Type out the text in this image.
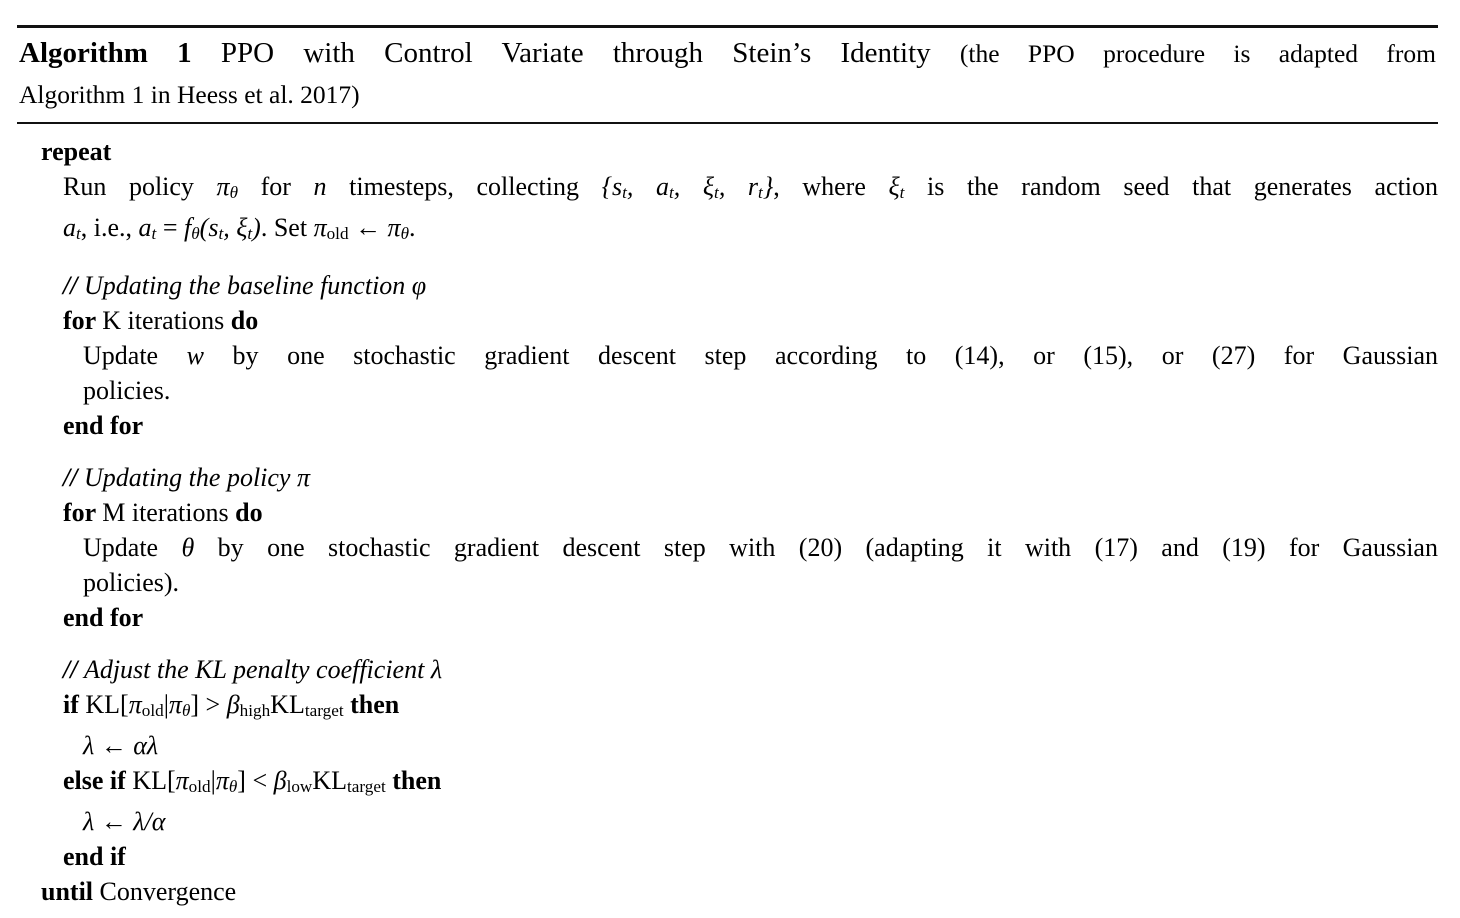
Algorithm 1 PPO with Control Variate through Stein’s Identity (the PPO procedure is adapted from
Algorithm 1 in Heess et al. 2017)
repeat
Run policy πθ for n timesteps, collecting {st, at, ξt, rt}, where ξt is the random seed that generates action
at, i.e., at = fθ(st, ξt). Set πold ← πθ.
// Updating the baseline function φ
for K iterations do
Update w by one stochastic gradient descent step according to (14), or (15), or (27) for Gaussian
policies.
end for
// Updating the policy π
for M iterations do
Update θ by one stochastic gradient descent step with (20) (adapting it with (17) and (19) for Gaussian
policies).
end for
// Adjust the KL penalty coefficient λ
if KL[πold|πθ] > βhighKLtarget then
λ ← αλ
else if KL[πold|πθ] < βlowKLtarget then
λ ← λ/α
end if
until Convergence
